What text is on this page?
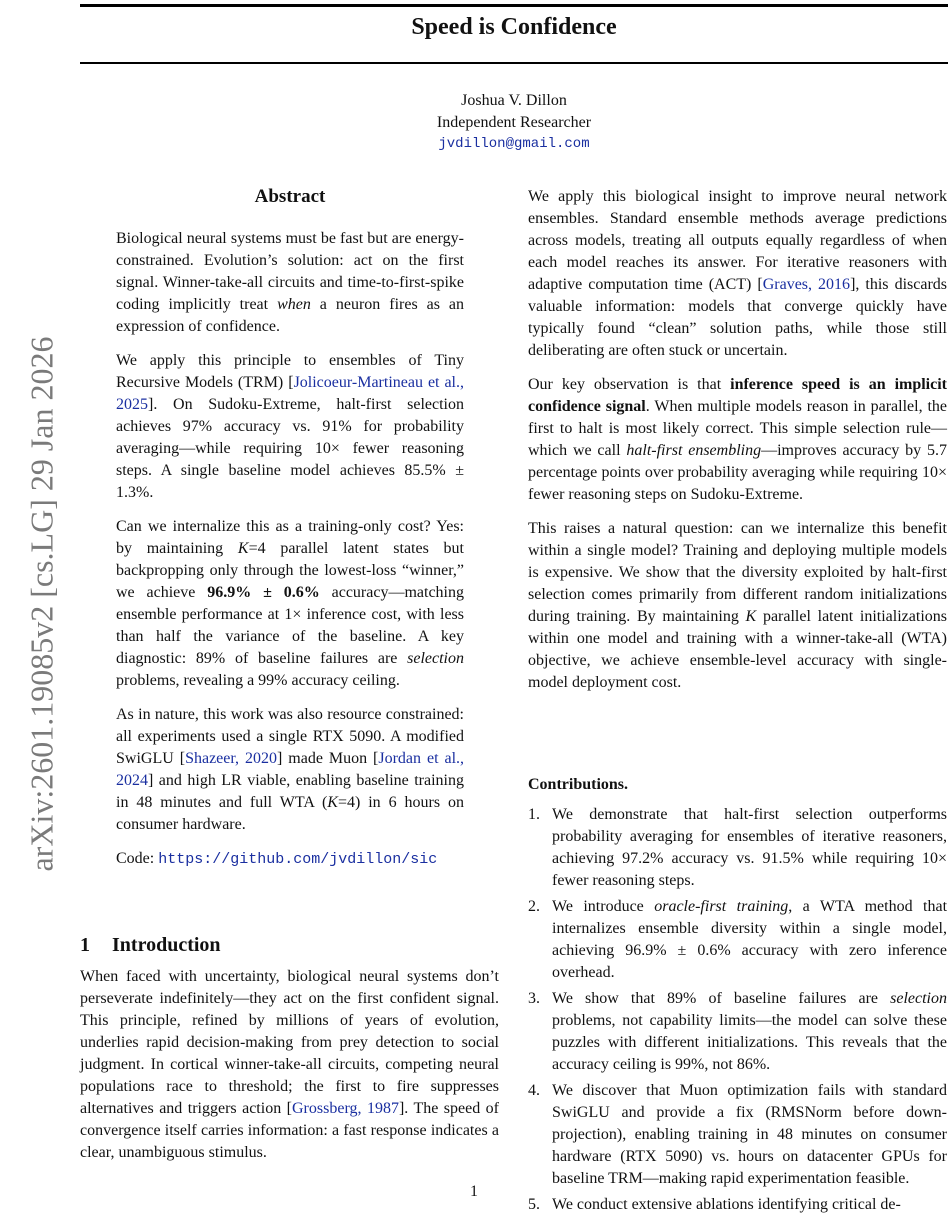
arXiv:2601.19085v2 [cs.LG] 29 Jan 2026
Speed is Confidence
Joshua V. Dillon
Independent Researcher
jvdillon@gmail.com
Abstract

Biological neural systems must be fast but are energy-constrained. Evolution’s solution: act on the first signal. Winner-take-all circuits and time-to-first-spike coding implicitly treat when a neuron fires as an expression of confidence.

We apply this principle to ensembles of Tiny Recursive Models (TRM) [Jolicoeur-Martineau et al., 2025]. On Sudoku-Extreme, halt-first selection achieves 97% accuracy vs. 91% for probability averaging—while requiring 10× fewer reasoning steps. A single baseline model achieves 85.5% ± 1.3%.

Can we internalize this as a training-only cost? Yes: by maintaining K=4 parallel latent states but backpropping only through the lowest-loss “winner,” we achieve 96.9% ± 0.6% accuracy—matching ensemble performance at 1× inference cost, with less than half the variance of the baseline. A key diagnostic: 89% of baseline failures are selection problems, revealing a 99% accuracy ceiling.

As in nature, this work was also resource constrained: all experiments used a single RTX 5090. A modified SwiGLU [Shazeer, 2020] made Muon [Jordan et al., 2024] and high LR viable, enabling baseline training in 48 minutes and full WTA (K=4) in 6 hours on consumer hardware.

Code: https://github.com/jvdillon/sic

1 Introduction

When faced with uncertainty, biological neural systems don’t perseverate indefinitely—they act on the first confident signal. This principle, refined by millions of years of evolution, underlies rapid decision-making from prey detection to social judgment. In cortical winner-take-all circuits, competing neural populations race to threshold; the first to fire suppresses alternatives and triggers action [Grossberg, 1987]. The speed of convergence itself carries information: a fast response indicates a clear, unambiguous stimulus.

We apply this biological insight to improve neural network ensembles. Standard ensemble methods average predictions across models, treating all outputs equally regardless of when each model reaches its answer. For iterative reasoners with adaptive computation time (ACT) [Graves, 2016], this discards valuable information: models that converge quickly have typically found “clean” solution paths, while those still deliberating are often stuck or uncertain.

Our key observation is that inference speed is an implicit confidence signal. When multiple models reason in parallel, the first to halt is most likely correct. This simple selection rule—which we call halt-first ensembling—improves accuracy by 5.7 percentage points over probability averaging while requiring 10× fewer reasoning steps on Sudoku-Extreme.

This raises a natural question: can we internalize this benefit within a single model? Training and deploying multiple models is expensive. We show that the diversity exploited by halt-first selection comes primarily from different random initializations during training. By maintaining K parallel latent initializations within one model and training with a winner-take-all (WTA) objective, we achieve ensemble-level accuracy with single-model deployment cost.

Contributions.
1. We demonstrate that halt-first selection outperforms probability averaging for ensembles of iterative reasoners, achieving 97.2% accuracy vs. 91.5% while requiring 10× fewer reasoning steps.
2. We introduce oracle-first training, a WTA method that internalizes ensemble diversity within a single model, achieving 96.9% ± 0.6% accuracy with zero inference overhead.
3. We show that 89% of baseline failures are selection problems, not capability limits—the model can solve these puzzles with different initializations. This reveals that the accuracy ceiling is 99%, not 86%.
4. We discover that Muon optimization fails with standard SwiGLU and provide a fix (RMSNorm before down-projection), enabling training in 48 minutes on consumer hardware (RTX 5090) vs. hours on datacenter GPUs for baseline TRM—making rapid experimentation feasible.
5. We conduct extensive ablations identifying critical de-
1
